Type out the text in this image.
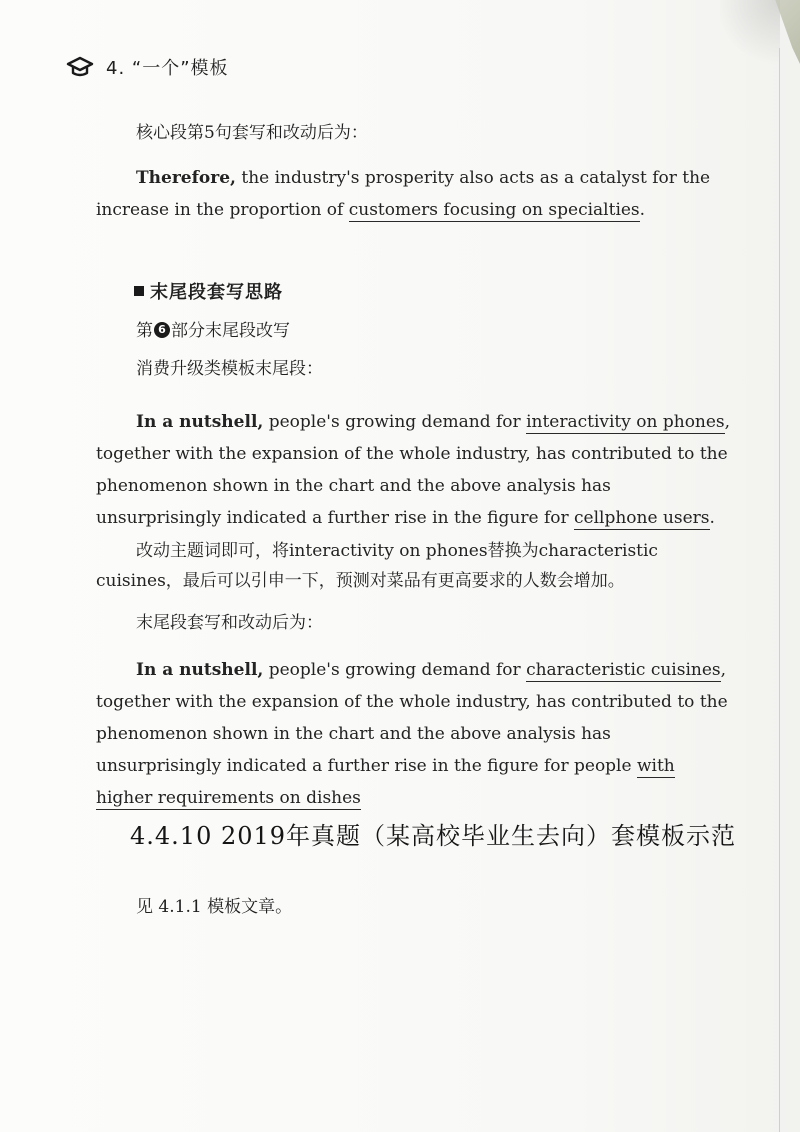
4. “一个”模板

核心段第5句套写和改动后为：

Therefore, the industry's prosperity also acts as a catalyst for the increase in the proportion of customers focusing on specialties.

末尾段套写思路

第 6 部分末尾段改写

消费升级类模板末尾段：

In a nutshell, people's growing demand for interactivity on phones, together with the expansion of the whole industry, has contributed to the phenomenon shown in the chart and the above analysis has unsurprisingly indicated a further rise in the figure for cellphone users.

改动主题词即可，将interactivity on phones替换为characteristic cuisines，最后可以引申一下，预测对菜品有更高要求的人数会增加。

末尾段套写和改动后为：

In a nutshell, people's growing demand for characteristic cuisines, together with the expansion of the whole industry, has contributed to the phenomenon shown in the chart and the above analysis has unsurprisingly indicated a further rise in the figure for people with higher requirements on dishes

4.4.10 2019年真题（某高校毕业生去向）套模板示范

见 4.1.1 模板文章。
